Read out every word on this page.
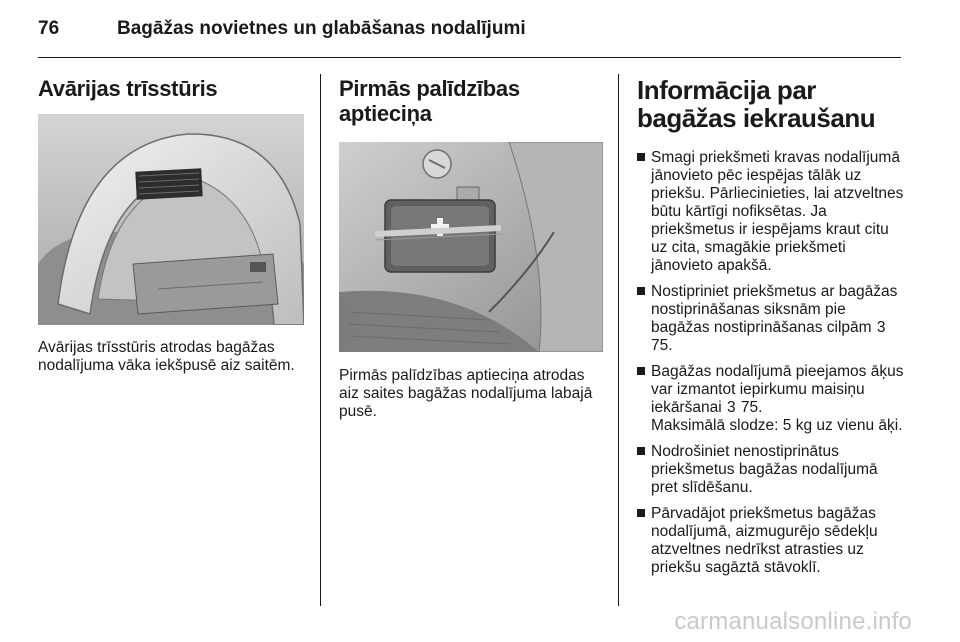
76	Bagāžas novietnes un glabāšanas nodalījumi
Avārijas trīsstūris

Avārijas trīsstūris atrodas bagāžas nodalījuma vāka iekšpusē aiz saitēm.

Pirmās palīdzības aptieciņa

Pirmās palīdzības aptieciņa atrodas aiz saites bagāžas nodalījuma labajā pusē.

Informācija par bagāžas iekraušanu
Smagi priekšmeti kravas nodalījumā jānovieto pēc iespējas tālāk uz priekšu. Pārliecinieties, lai atzveltnes būtu kārtīgi nofiksētas. Ja priekšmetus ir iespējams kraut citu uz cita, smagākie priekšmeti jānovieto apakšā.
Nostipriniet priekšmetus ar bagāžas nostiprināšanas siksnām pie bagāžas nostiprināšanas cilpām 3 75.
Bagāžas nodalījumā pieejamos āķus var izmantot iepirkumu maisiņu iekāršanai 3 75.
Maksimālā slodze: 5 kg uz vienu āķi.
Nodrošiniet nenostiprinātus priekšmetus bagāžas nodalījumā pret slīdēšanu.
Pārvadājot priekšmetus bagāžas nodalījumā, aizmugurējo sēdekļu atzveltnes nedrīkst atrasties uz priekšu sagāztā stāvoklī.
carmanualsonline.info
